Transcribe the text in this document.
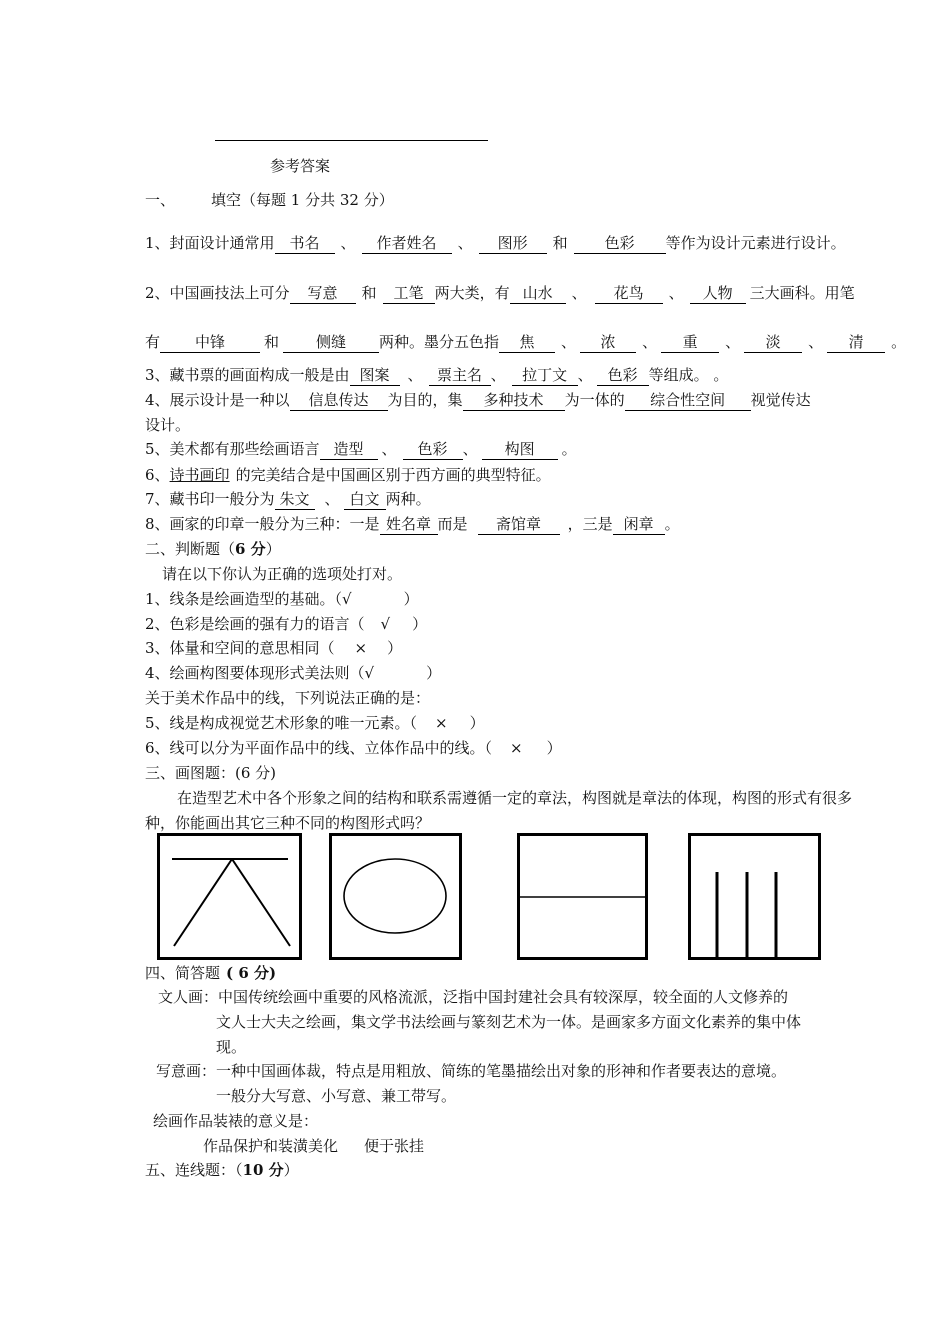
参考答案
一、 填空（每题 1 分共 32 分）
1、封面设计通常用 书名 、 作者姓名 、 图形 和 色彩 等作为设计元素进行设计。
2、中国画技法上可分 写意 和 工笔 两大类，有 山水 、 花鸟 、 人物 三大画科。用笔
有 中锋	和 侧缝 两种。墨分五色指 焦 、 浓 、 重 、 淡 、 清 。
3、藏书票的画面构成一般是由 图案 、 票主名 、 拉丁文 、 色彩 等组成。 。
4、展示设计是一种以 信息传达 为目的，集 多种技术 为一体的 综合性空间 视觉传达
设计。
5、美术都有那些绘画语言 造型 、 色彩 、 构图 。
6、诗书画印 的完美结合是中国画区别于西方画的典型特征。
7、藏书印一般分为 朱文 、 白文 两种。
8、画家的印章一般分为三种：一是 姓名章 而是 斋馆章 ，三是 闲章 。
二、判断题（6 分）
请在以下你认为正确的选项处打对。
1、线条是绘画造型的基础。（√	）
2、色彩是绘画的强有力的语言（ √ ）
3、体量和空间的意思相同（ × ）
4、绘画构图要体现形式美法则（√	）
关于美术作品中的线，下列说法正确的是：
5、线是构成视觉艺术形象的唯一元素。（ × ）
6、线可以分为平面作品中的线、立体作品中的线。（ × ）
三、画图题：(6 分)
在造型艺术中各个形象之间的结构和联系需遵循一定的章法，构图就是章法的体现，构图的形式有很多种，你能画出其它三种不同的构图形式吗？
四、简答题 ( 6 分)
文人画：中国传统绘画中重要的风格流派，泛指中国封建社会具有较深厚，较全面的人文修养的
文人士大夫之绘画，集文学书法绘画与篆刻艺术为一体。是画家多方面文化素养的集中体
现。
写意画：一种中国画体裁，特点是用粗放、简练的笔墨描绘出对象的形神和作者要表达的意境。
一般分大写意、小写意、兼工带写。
绘画作品装裱的意义是：
作品保护和装潢美化 便于张挂
五、连线题：（10 分）
